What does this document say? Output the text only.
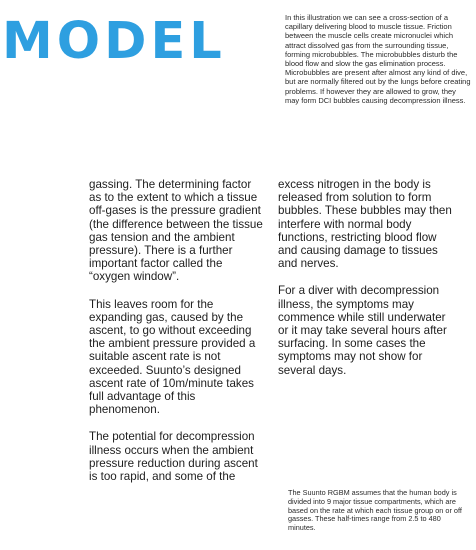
MODEL	In this illustration we can see a cross-section of a capillary delivering blood to muscle tissue. Friction between the muscle cells create micronuclei which attract dissolved gas from the surrounding tissue, forming microbubbles. The microbubbles disturb the blood flow and slow the gas elimination process. Microbubbles are present after almost any kind of dive, but are normally filtered out by the lungs before creating problems. If however they are allowed to grow, they may form DCI bubbles causing decompression illness.

gassing. The determining factor as to the extent to which a tissue off-gases is the pressure gradient (the difference between the tissue gas tension and the ambient pressure). There is a further important factor called the “oxygen window”.

This leaves room for the expanding gas, caused by the ascent, to go without exceeding the ambient pressure provided a suitable ascent rate is not exceeded. Suunto’s designed ascent rate of 10m/minute takes full advantage of this phenomenon.

The potential for decompression illness occurs when the ambient pressure reduction during ascent is too rapid, and some of the

excess nitrogen in the body is released from solution to form bubbles. These bubbles may then interfere with normal body functions, restricting blood flow and causing damage to tissues and nerves.

For a diver with decompression illness, the symptoms may commence while still underwater or it may take several hours after surfacing. In some cases the symptoms may not show for several days.

The Suunto RGBM assumes that the human body is divided into 9 major tissue compartments, which are based on the rate at which each tissue group on or off gasses. These half-times range from 2.5 to 480 minutes.
